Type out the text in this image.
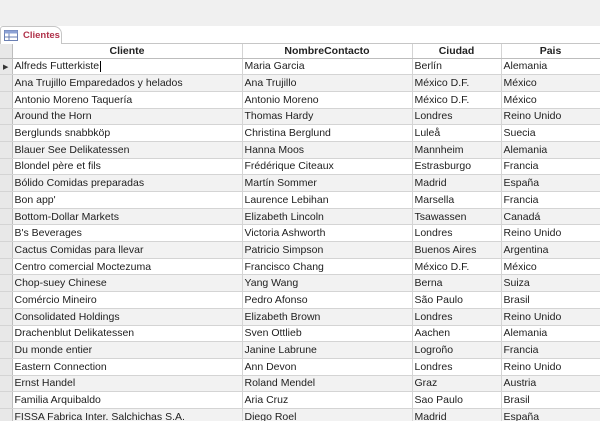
Clientes
	Cliente	NombreContacto	Ciudad	Pais
▶	Alfreds Futterkiste	Maria Garcia	Berlín	Alemania
	Ana Trujillo Emparedados y helados	Ana Trujillo	México D.F.	México
	Antonio Moreno Taquería	Antonio Moreno	México D.F.	México
	Around the Horn	Thomas Hardy	Londres	Reino Unido
	Berglunds snabbköp	Christina Berglund	Luleå	Suecia
	Blauer See Delikatessen	Hanna Moos	Mannheim	Alemania
	Blondel père et fils	Frédérique Citeaux	Estrasburgo	Francia
	Bólido Comidas preparadas	Martín Sommer	Madrid	España
	Bon app'	Laurence Lebihan	Marsella	Francia
	Bottom-Dollar Markets	Elizabeth Lincoln	Tsawassen	Canadá
	B's Beverages	Victoria Ashworth	Londres	Reino Unido
	Cactus Comidas para llevar	Patricio Simpson	Buenos Aires	Argentina
	Centro comercial Moctezuma	Francisco Chang	México D.F.	México
	Chop-suey Chinese	Yang Wang	Berna	Suiza
	Comércio Mineiro	Pedro Afonso	São Paulo	Brasil
	Consolidated Holdings	Elizabeth Brown	Londres	Reino Unido
	Drachenblut Delikatessen	Sven Ottlieb	Aachen	Alemania
	Du monde entier	Janine Labrune	Logroño	Francia
	Eastern Connection	Ann Devon	Londres	Reino Unido
	Ernst Handel	Roland Mendel	Graz	Austria
	Familia Arquibaldo	Aria Cruz	Sao Paulo	Brasil
	FISSA Fabrica Inter. Salchichas S.A.	Diego Roel	Madrid	España
